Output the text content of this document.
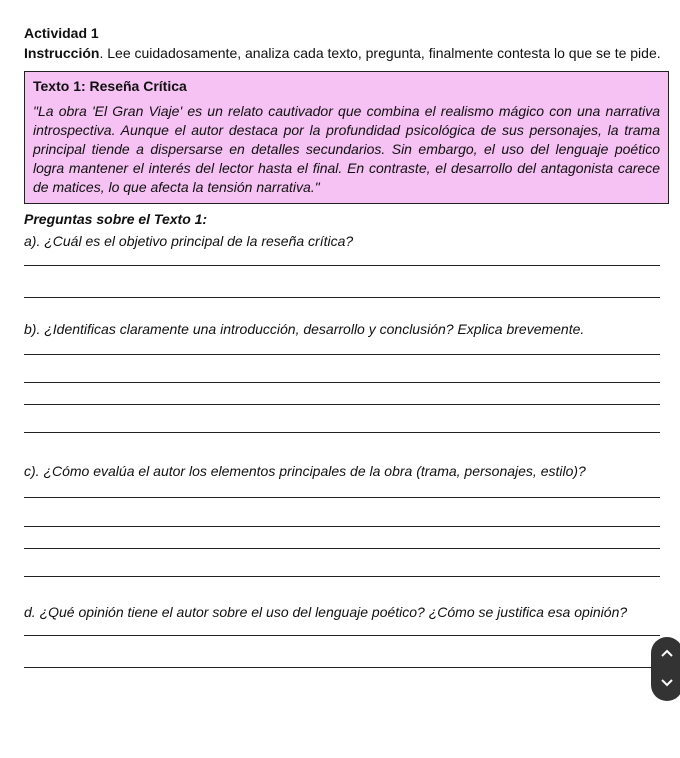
Actividad 1
Instrucción. Lee cuidadosamente, analiza cada texto, pregunta, finalmente contesta lo que se te pide.
Texto 1: Reseña Crítica
"La obra 'El Gran Viaje' es un relato cautivador que combina el realismo mágico con una narrativa introspectiva. Aunque el autor destaca por la profundidad psicológica de sus personajes, la trama principal tiende a dispersarse en detalles secundarios. Sin embargo, el uso del lenguaje poético logra mantener el interés del lector hasta el final. En contraste, el desarrollo del antagonista carece de matices, lo que afecta la tensión narrativa."
Preguntas sobre el Texto 1:
a). ¿Cuál es el objetivo principal de la reseña crítica?
b). ¿Identificas claramente una introducción, desarrollo y conclusión? Explica brevemente.
c). ¿Cómo evalúa el autor los elementos principales de la obra (trama, personajes, estilo)?
d. ¿Qué opinión tiene el autor sobre el uso del lenguaje poético? ¿Cómo se justifica esa opinión?
